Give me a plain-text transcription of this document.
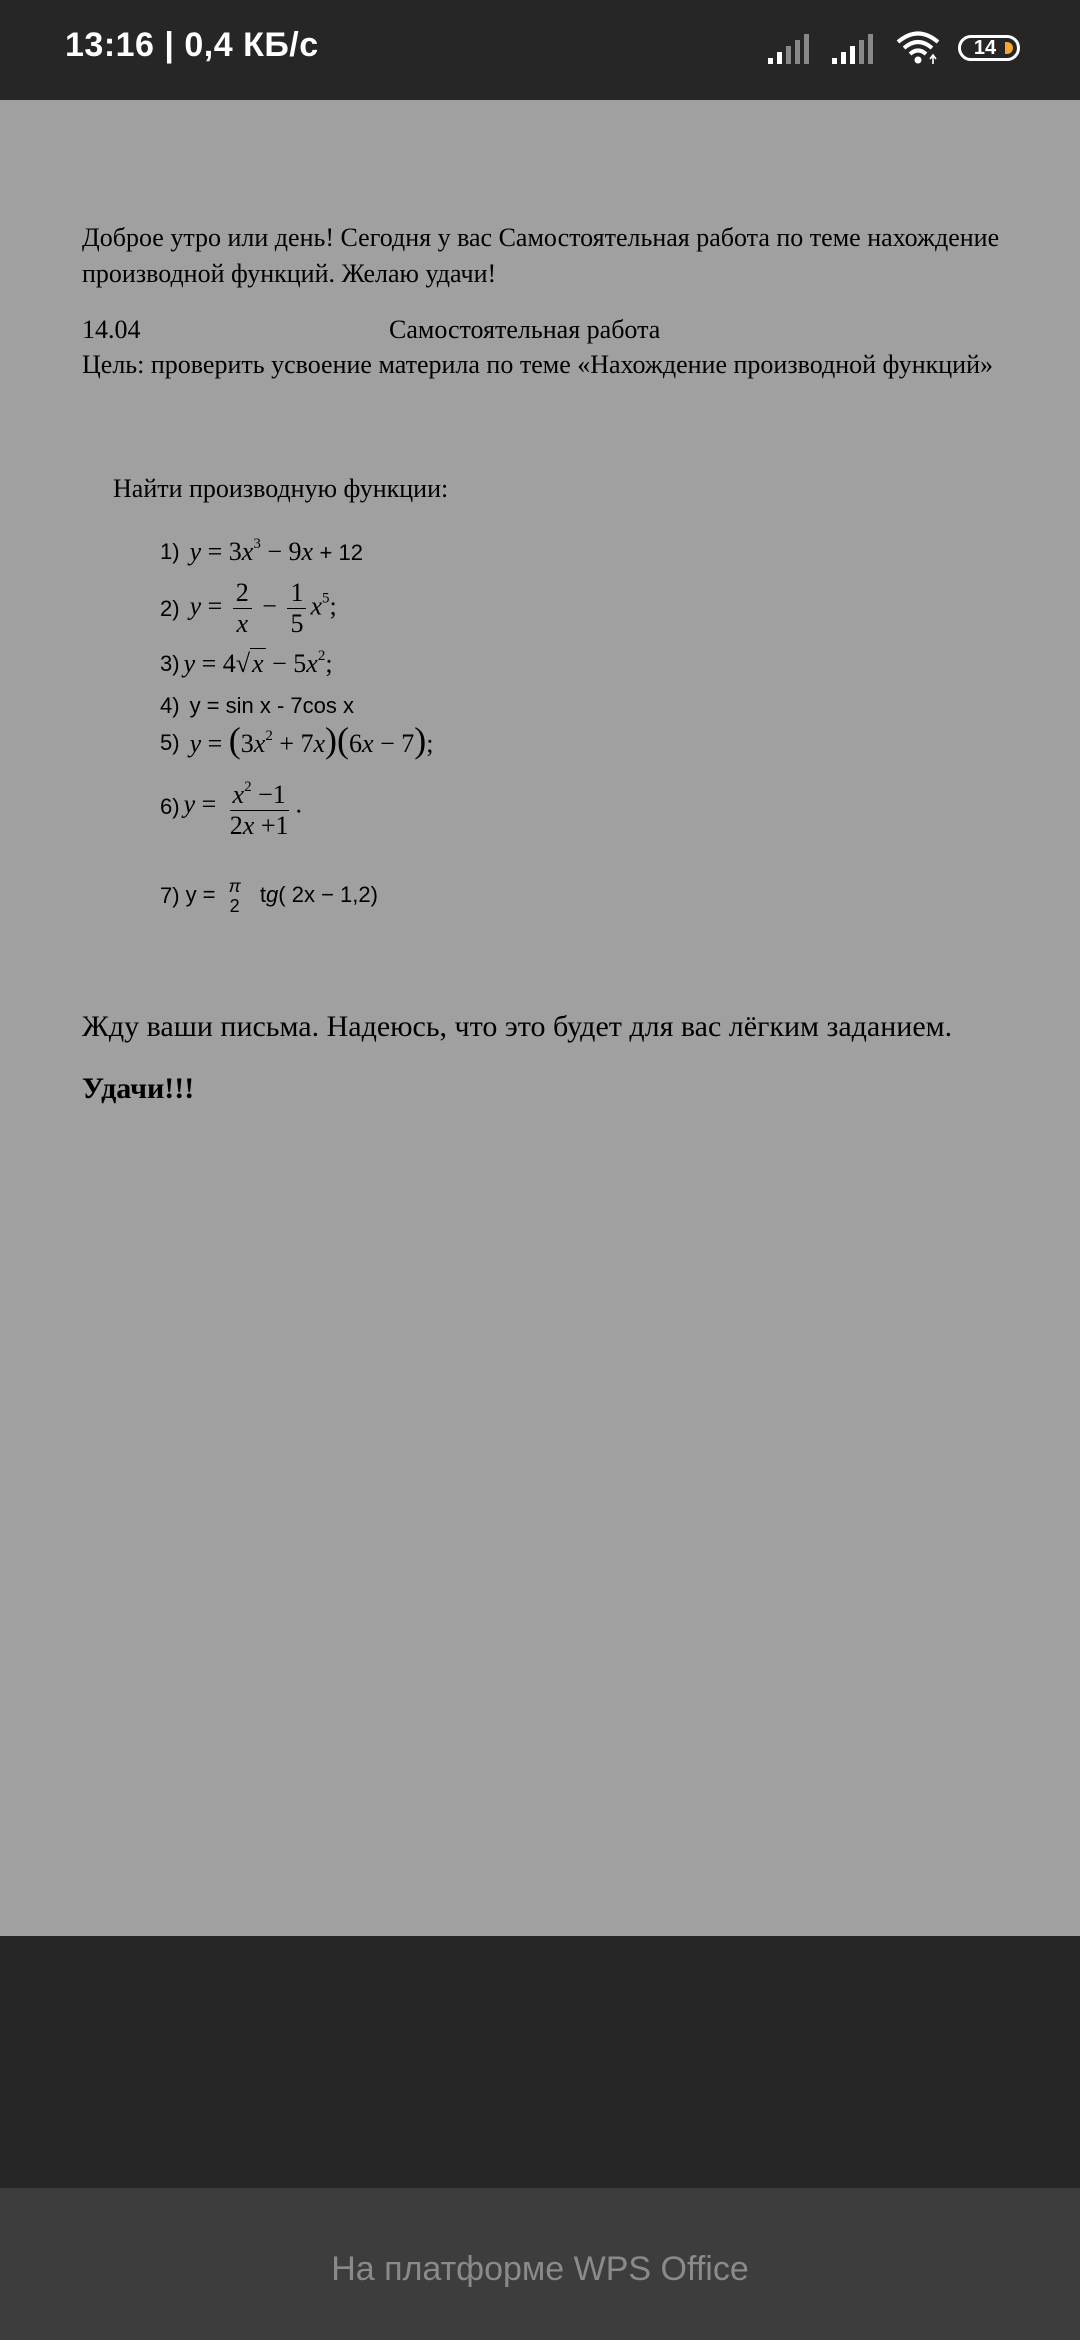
13:16 | 0,4 КБ/с	14
Доброе утро или день! Сегодня у вас Самостоятельная работа по теме нахождение производной функций. Желаю удачи!
14.04	Самостоятельная работа
Цель: проверить усвоение материла по теме «Нахождение производной функций»
Найти производную функции:
1) $y = 3x^3 - 9x + 12$
2) $y = \frac{2}{x} - \frac{1}{5} x^5$;
3) $y = 4√x - 5x^2$;
4) y = sin x - 7cos x
5) $y = (3x^2 + 7x)(6x - 7)$;
6) $y = \frac{x^2 -1}{2x +1}$ .
7) y = π
2 tg( 2x − 1,2)
Жду ваши письма. Надеюсь, что это будет для вас лёгким заданием.
Удачи!!!
На платформе WPS Office
